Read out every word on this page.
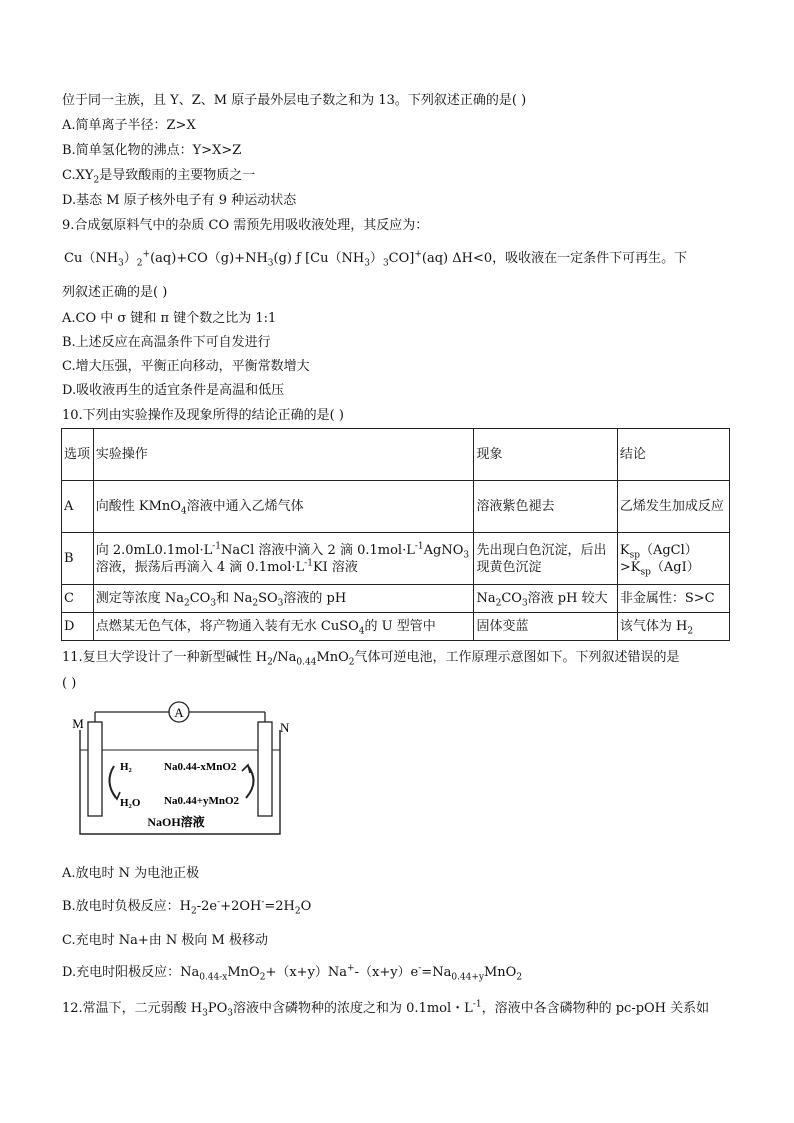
位于同一主族，且 Y、Z、M 原子最外层电子数之和为 13。下列叙述正确的是( )
A.简单离子半径：Z>X
B.简单氢化物的沸点：Y>X>Z
$C.XY_2$是导致酸雨的主要物质之一
D.基态 M 原子核外电子有 9 种运动状态
9.合成氨原料气中的杂质 CO 需预先用吸收液处理，其反应为：
$Cu(NH_3)_2^+(aq)+CO(g)+NH_3(g)$ ƒ $[Cu(NH_3)_3CO]^+(aq)$ ΔH<0，吸收液在一定条件下可再生。下
列叙述正确的是( )
A.CO 中 σ 键和 π 键个数之比为 1:1
B.上述反应在高温条件下可自发进行
C.增大压强，平衡正向移动，平衡常数增大
D.吸收液再生的适宜条件是高温和低压
10.下列由实验操作及现象所得的结论正确的是( )
选项	实验操作	现象	结论
A	向酸性 KMnO$_4$溶液中通入乙烯气体	溶液紫色褪去	乙烯发生加成反应
B	向 $2.0mL0.1mol\cdot L^{-1}NaCl$ 溶液中滴入 2 滴 $0.1mol\cdot L^{-1}AgNO_3$溶液，振荡后再滴入 4 滴 $0.1mol\cdot L^{-1}KI$ 溶液	先出现白色沉淀，后出现黄色沉淀	$K_{sp}(AgCl)>K_{sp}(AgI)$
C	测定等浓度 $Na_2CO_3$和 $Na_2SO_3$溶液的 pH	$Na_2CO_3$溶液 pH 较大	非金属性：S>C
D	点燃某无色气体，将产物通入装有无水 CuSO$_4$的 U 型管中	固体变蓝	该气体为 $H_2$
11.复旦大学设计了一种新型碱性 $H_2/Na_{0.44}MnO_2$气体可逆电池，工作原理示意图如下。下列叙述错误的是
( )
A
M	N
H₂
H₂O
Na0.44-xMnO2
Na0.44+yMnO2
NaOH溶液
A.放电时 N 为电池正极
B.放电时负极反应：$H_2-2e^-+2OH^-=2H_2O$
C.充电时 Na+由 N 极向 M 极移动
D.充电时阳极反应：$Na_{0.44-x}MnO_2+(x+y)Na^+-(x+y)e^-=Na_{0.44+y}MnO_2$
12.常温下，二元弱酸 $H_3PO_3$溶液中含磷物种的浓度之和为 0.1mol・$L^{-1}$，溶液中各含磷物种的 pc-pOH 关系如
